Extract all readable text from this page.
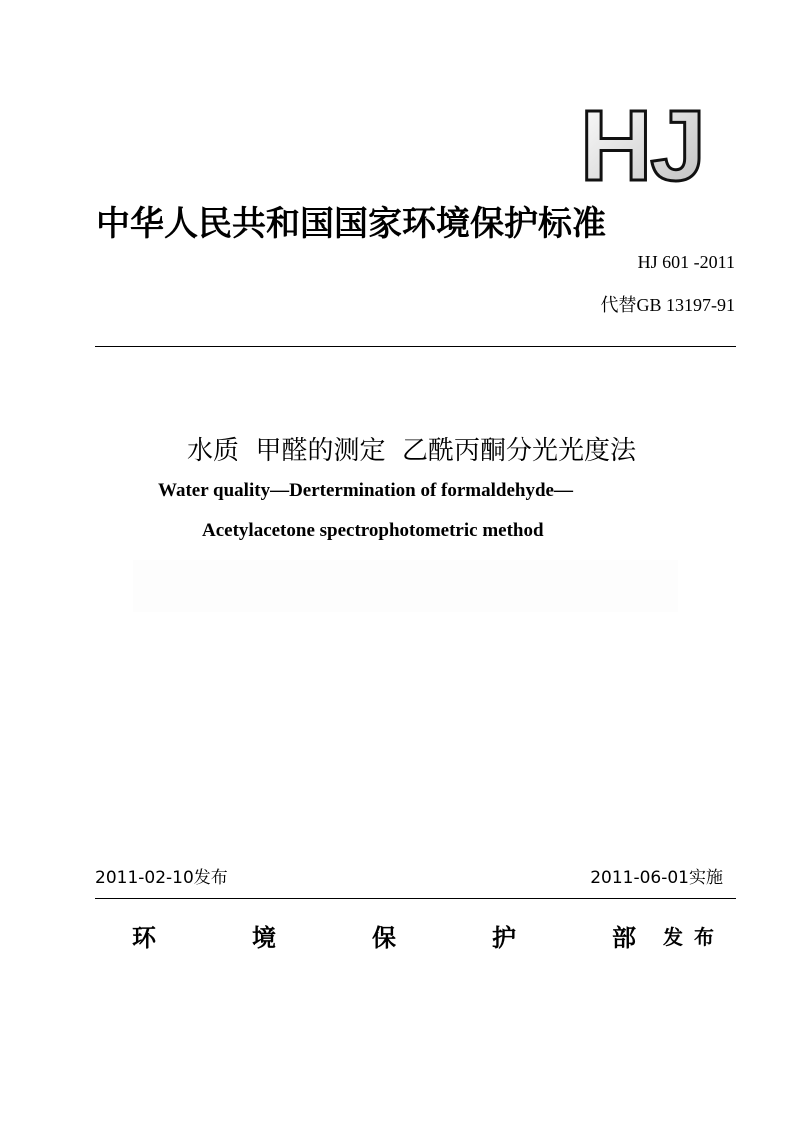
HJ
中华人民共和国国家环境保护标准
HJ 601 -2011
代替GB 13197-91
水质  甲醛的测定  乙酰丙酮分光光度法
Water quality—Dertermination of formaldehyde—
Acetylacetone spectrophotometric method
2011-02-10发布	2011-06-01实施
环	境	保	护	部 发 布
